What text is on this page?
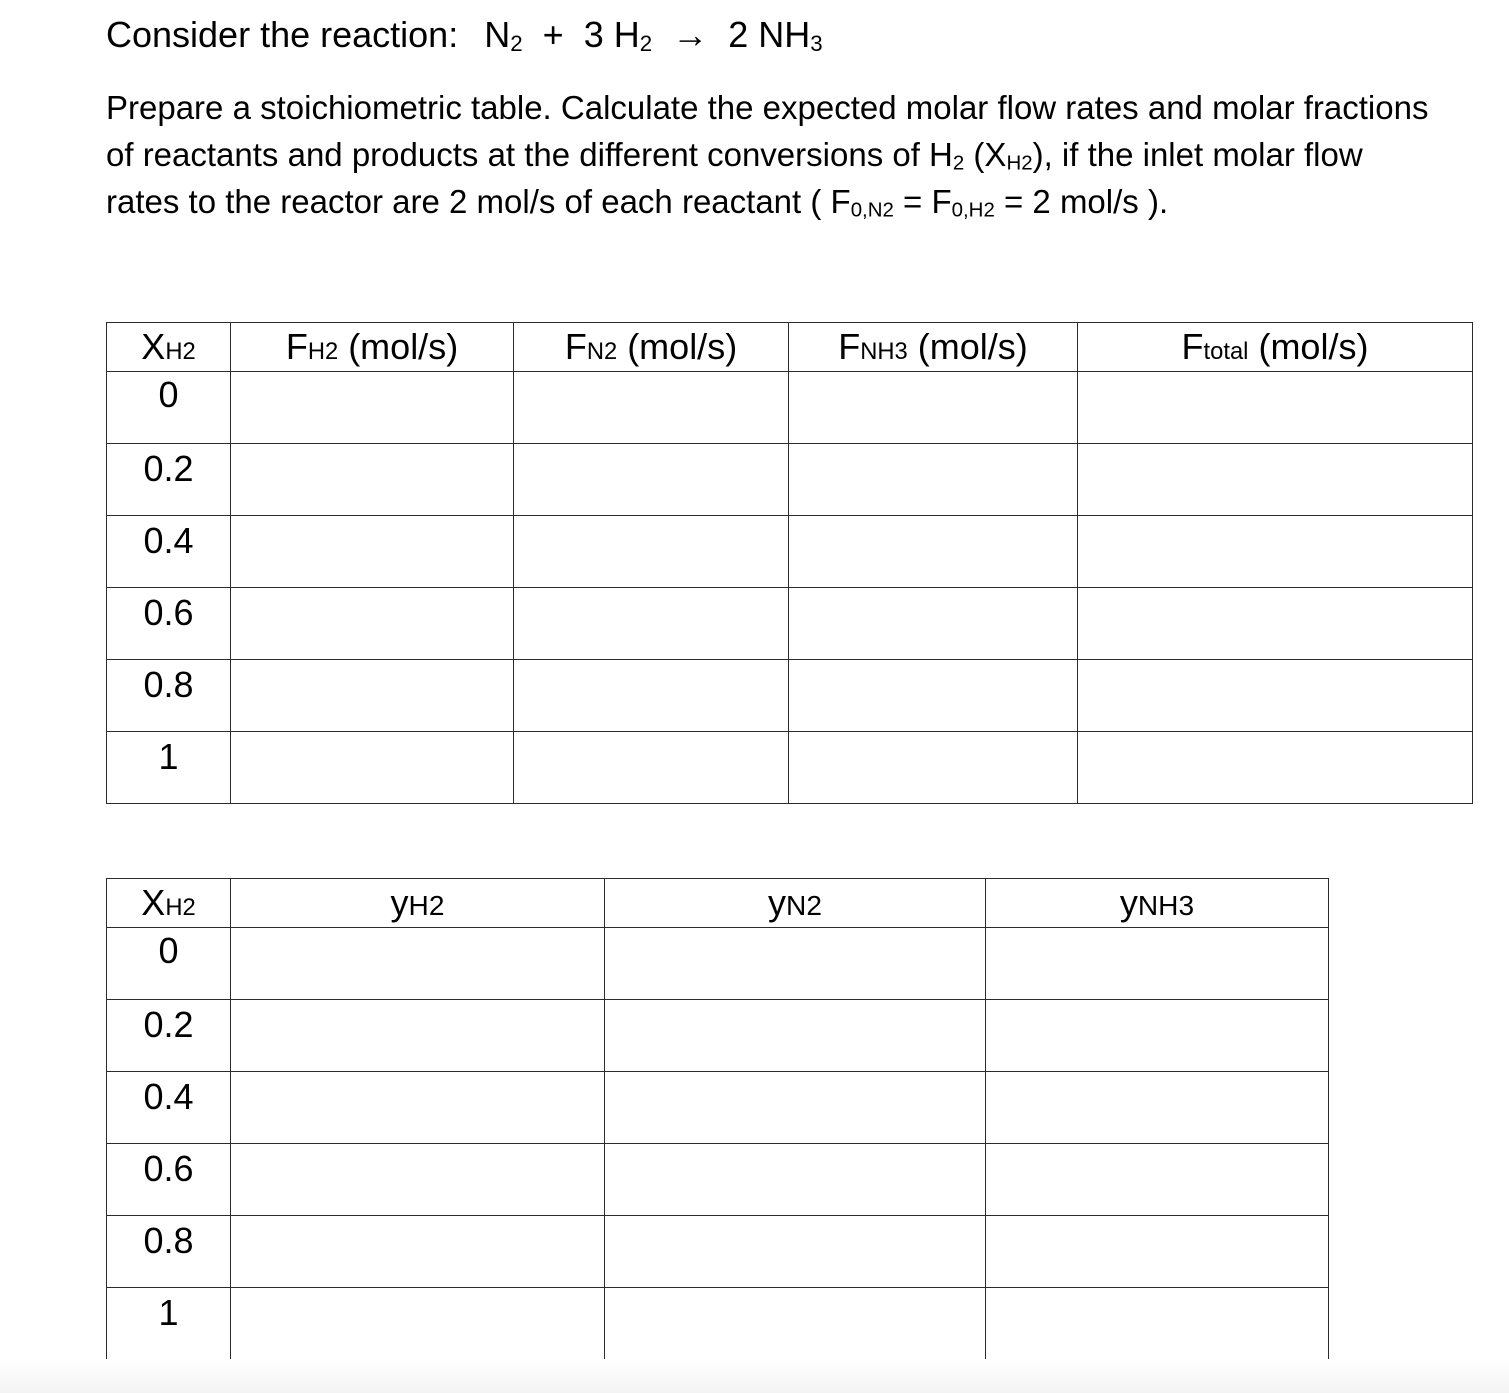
Consider the reaction: N2 + 3 H2 → 2 NH3
Prepare a stoichiometric table. Calculate the expected molar flow rates and molar fractions of reactants and products at the different conversions of H2 (XH2), if the inlet molar flow rates to the reactor are 2 mol/s of each reactant ( F0,N2 = F0,H2 = 2 mol/s ).
XH2	FH2 (mol/s)	FN2 (mol/s)	FNH3 (mol/s)	Ftotal (mol/s)
0				
0.2				
0.4				
0.6				
0.8				
1				
XH2	yH2	yN2	yNH3
0			
0.2			
0.4			
0.6			
0.8			
1			
